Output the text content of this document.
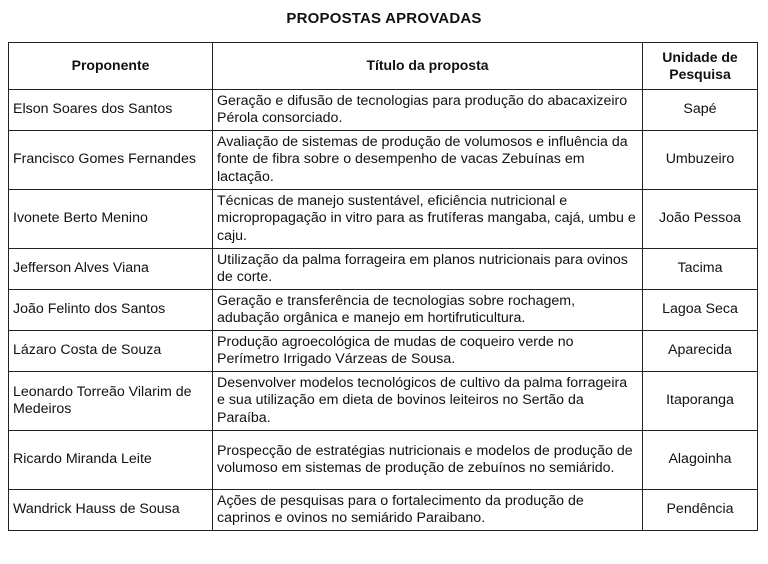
PROPOSTAS APROVADAS
Proponente	Título da proposta	Unidade de Pesquisa
Elson Soares dos Santos	Geração e difusão de tecnologias para produção do abacaxizeiro Pérola consorciado.	Sapé
Francisco Gomes Fernandes	Avaliação de sistemas de produção de volumosos e influência da fonte de fibra sobre o desempenho de vacas Zebuínas em lactação.	Umbuzeiro
Ivonete Berto Menino	Técnicas de manejo sustentável, eficiência nutricional e micropropagação in vitro para as frutíferas mangaba, cajá, umbu e caju.	João Pessoa
Jefferson Alves Viana	Utilização da palma forrageira em planos nutricionais para ovinos de corte.	Tacima
João Felinto dos Santos	Geração e transferência de tecnologias sobre rochagem, adubação orgânica e manejo em hortifruticultura.	Lagoa Seca
Lázaro Costa de Souza	Produção agroecológica de mudas de coqueiro verde no Perímetro Irrigado Várzeas de Sousa.	Aparecida
Leonardo Torreão Vilarim de Medeiros	Desenvolver modelos tecnológicos de cultivo da palma forrageira e sua utilização em dieta de bovinos leiteiros no Sertão da Paraíba.	Itaporanga
Ricardo Miranda Leite	Prospecção de estratégias nutricionais e modelos de produção de volumoso em sistemas de produção de zebuínos no semiárido.	Alagoinha
Wandrick Hauss de Sousa	Ações de pesquisas para o fortalecimento da produção de caprinos e ovinos no semiárido Paraibano.	Pendência
